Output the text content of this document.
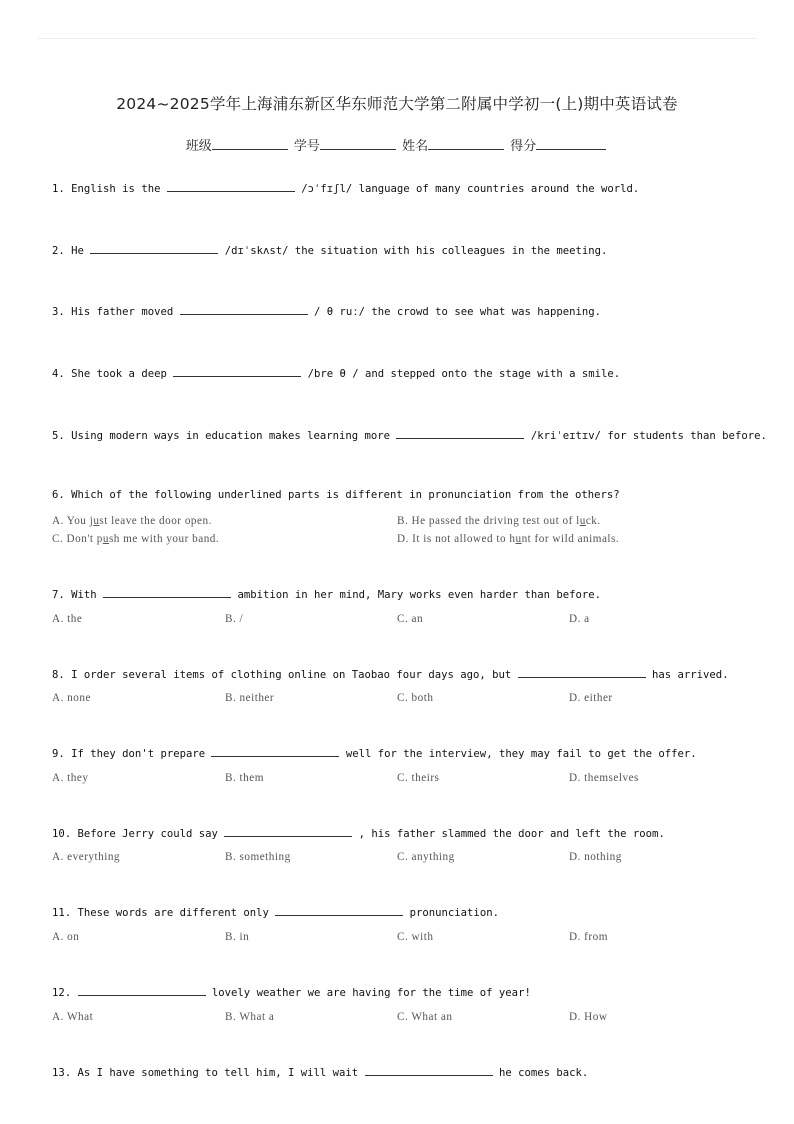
2024~2025学年上海浦东新区华东师范大学第二附属中学初一(上)期中英语试卷
班级	学号	姓名	得分
1. English is the	/ɔˈfɪʃl/ language of many countries around the world.
2. He	/dɪˈskʌst/ the situation with his colleagues in the meeting.
3. His father moved	/ θ ruː/ the crowd to see what was happening.
4. She took a deep	/bre θ / and stepped onto the stage with a smile.
5. Using modern ways in education makes learning more	/kriˈeɪtɪv/ for students than before.
6. Which of the following underlined parts is different in pronunciation from the others?
A. You just leave the door open.	B. He passed the driving test out of luck.
C. Don't push me with your band.	D. It is not allowed to hunt for wild animals.
7. With	ambition in her mind, Mary works even harder than before.
A. the	B. /	C. an	D. a
8. I order several items of clothing online on Taobao four days ago, but	has arrived.
A. none	B. neither	C. both	D. either
9. If they don't prepare	well for the interview, they may fail to get the offer.
A. they	B. them	C. theirs	D. themselves
10. Before Jerry could say	, his father slammed the door and left the room.
A. everything	B. something	C. anything	D. nothing
11. These words are different only	pronunciation.
A. on	B. in	C. with	D. from
12.	lovely weather we are having for the time of year!
A. What	B. What a	C. What an	D. How
13. As I have something to tell him, I will wait	he comes back.
